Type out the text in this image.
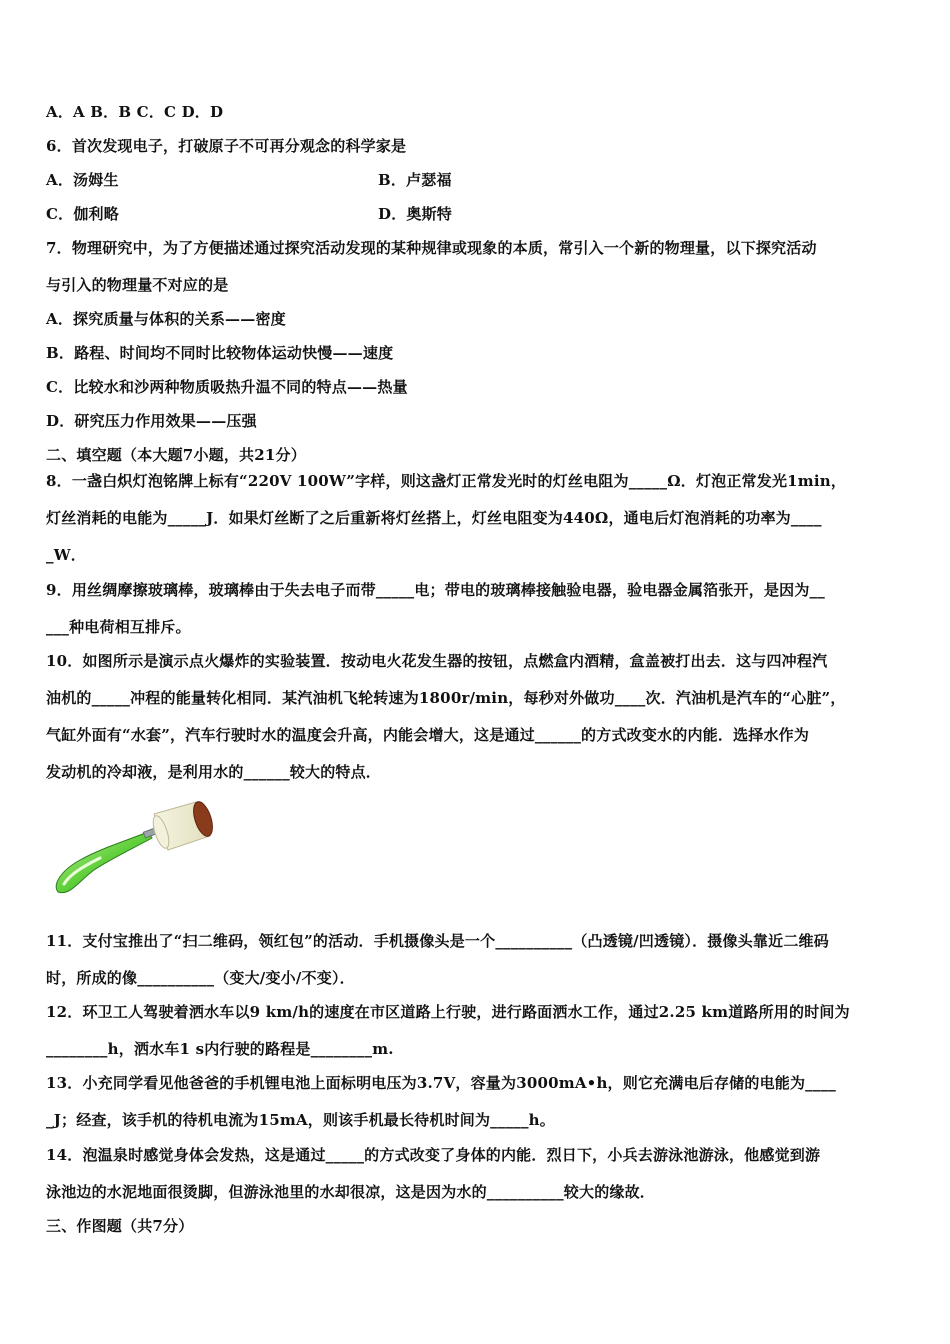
A．A B．B C．C D．D
6．首次发现电子，打破原子不可再分观念的科学家是
A．汤姆生	B．卢瑟福
C．伽利略	D．奥斯特
7．物理研究中，为了方便描述通过探究活动发现的某种规律或现象的本质，常引入一个新的物理量，以下探究活动
与引入的物理量不对应的是
A．探究质量与体积的关系——密度
B．路程、时间均不同时比较物体运动快慢——速度
C．比较水和沙两种物质吸热升温不同的特点——热量
D．研究压力作用效果——压强
二、填空题（本大题7小题，共21分）
8．一盏白炽灯泡铭牌上标有“220V 100W”字样，则这盏灯正常发光时的灯丝电阻为_____Ω．灯泡正常发光1min，
灯丝消耗的电能为_____J．如果灯丝断了之后重新将灯丝搭上，灯丝电阻变为440Ω，通电后灯泡消耗的功率为____
_W．
9．用丝绸摩擦玻璃棒，玻璃棒由于失去电子而带_____电；带电的玻璃棒接触验电器，验电器金属箔张开，是因为__
___种电荷相互排斥。
10．如图所示是演示点火爆炸的实验装置．按动电火花发生器的按钮，点燃盒内酒精，盒盖被打出去．这与四冲程汽
油机的_____冲程的能量转化相同．某汽油机飞轮转速为1800r/min，每秒对外做功____次．汽油机是汽车的“心脏”，
气缸外面有“水套”，汽车行驶时水的温度会升高，内能会增大，这是通过______的方式改变水的内能．选择水作为
发动机的冷却液，是利用水的______较大的特点．
11．支付宝推出了“扫二维码，领红包”的活动．手机摄像头是一个__________（凸透镜/凹透镜）．摄像头靠近二维码
时，所成的像__________（变大/变小/不变）．
12．环卫工人驾驶着洒水车以9 km/h的速度在市区道路上行驶，进行路面洒水工作，通过2.25 km道路所用的时间为
________h，洒水车1 s内行驶的路程是________m.
13．小充同学看见他爸爸的手机锂电池上面标明电压为3.7V，容量为3000mA•h，则它充满电后存储的电能为____
_J；经查，该手机的待机电流为15mA，则该手机最长待机时间为_____h。
14．泡温泉时感觉身体会发热，这是通过_____的方式改变了身体的内能．烈日下，小兵去游泳池游泳，他感觉到游
泳池边的水泥地面很烫脚，但游泳池里的水却很凉，这是因为水的__________较大的缘故．
三、作图题（共7分）
